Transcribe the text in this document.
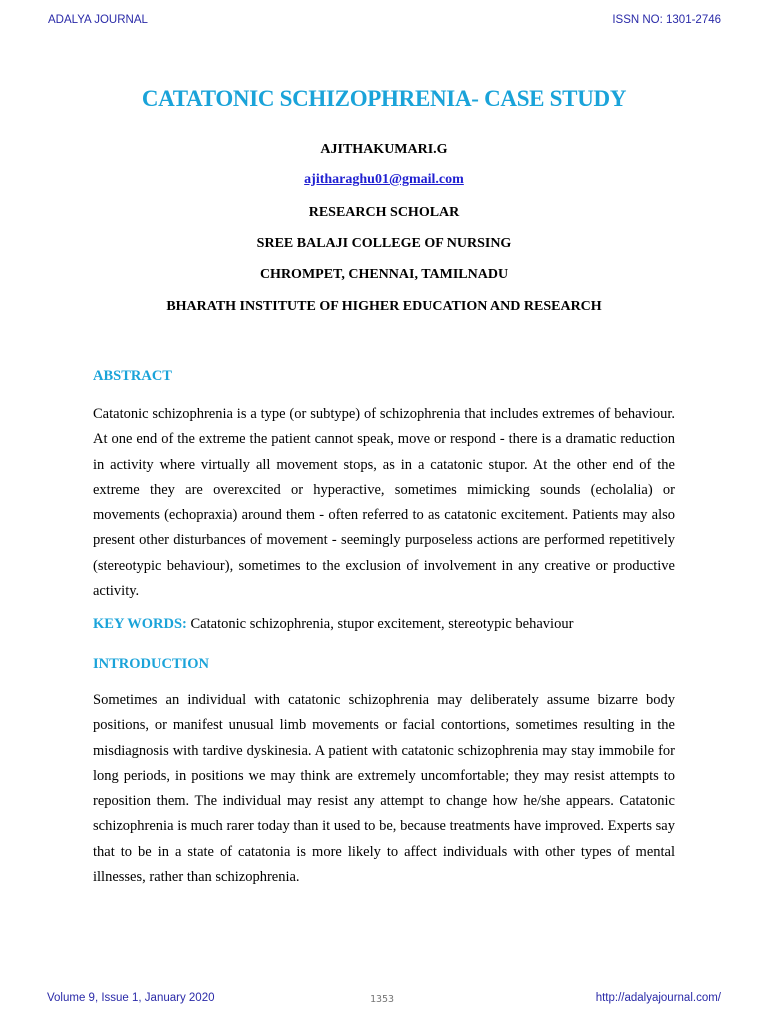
ADALYA JOURNAL	ISSN NO: 1301-2746
CATATONIC SCHIZOPHRENIA- CASE STUDY
AJITHAKUMARI.G
ajitharaghu01@gmail.com
RESEARCH SCHOLAR
SREE BALAJI COLLEGE OF NURSING
CHROMPET, CHENNAI, TAMILNADU
BHARATH INSTITUTE OF HIGHER EDUCATION AND RESEARCH
ABSTRACT
Catatonic schizophrenia is a type (or subtype) of schizophrenia that includes extremes of behaviour. At one end of the extreme the patient cannot speak, move or respond - there is a dramatic reduction in activity where virtually all movement stops, as in a catatonic stupor. At the other end of the extreme they are overexcited or hyperactive, sometimes mimicking sounds (echolalia) or movements (echopraxia) around them - often referred to as catatonic excitement. Patients may also present other disturbances of movement - seemingly purposeless actions are performed repetitively (stereotypic behaviour), sometimes to the exclusion of involvement in any creative or productive activity.
KEY WORDS: Catatonic schizophrenia, stupor excitement, stereotypic behaviour
INTRODUCTION
Sometimes an individual with catatonic schizophrenia may deliberately assume bizarre body positions, or manifest unusual limb movements or facial contortions, sometimes resulting in the misdiagnosis with tardive dyskinesia. A patient with catatonic schizophrenia may stay immobile for long periods, in positions we may think are extremely uncomfortable; they may resist attempts to reposition them. The individual may resist any attempt to change how he/she appears. Catatonic schizophrenia is much rarer today than it used to be, because treatments have improved. Experts say that to be in a state of catatonia is more likely to affect individuals with other types of mental illnesses, rather than schizophrenia.
Volume 9, Issue 1, January 2020	1353	http://adalyajournal.com/
